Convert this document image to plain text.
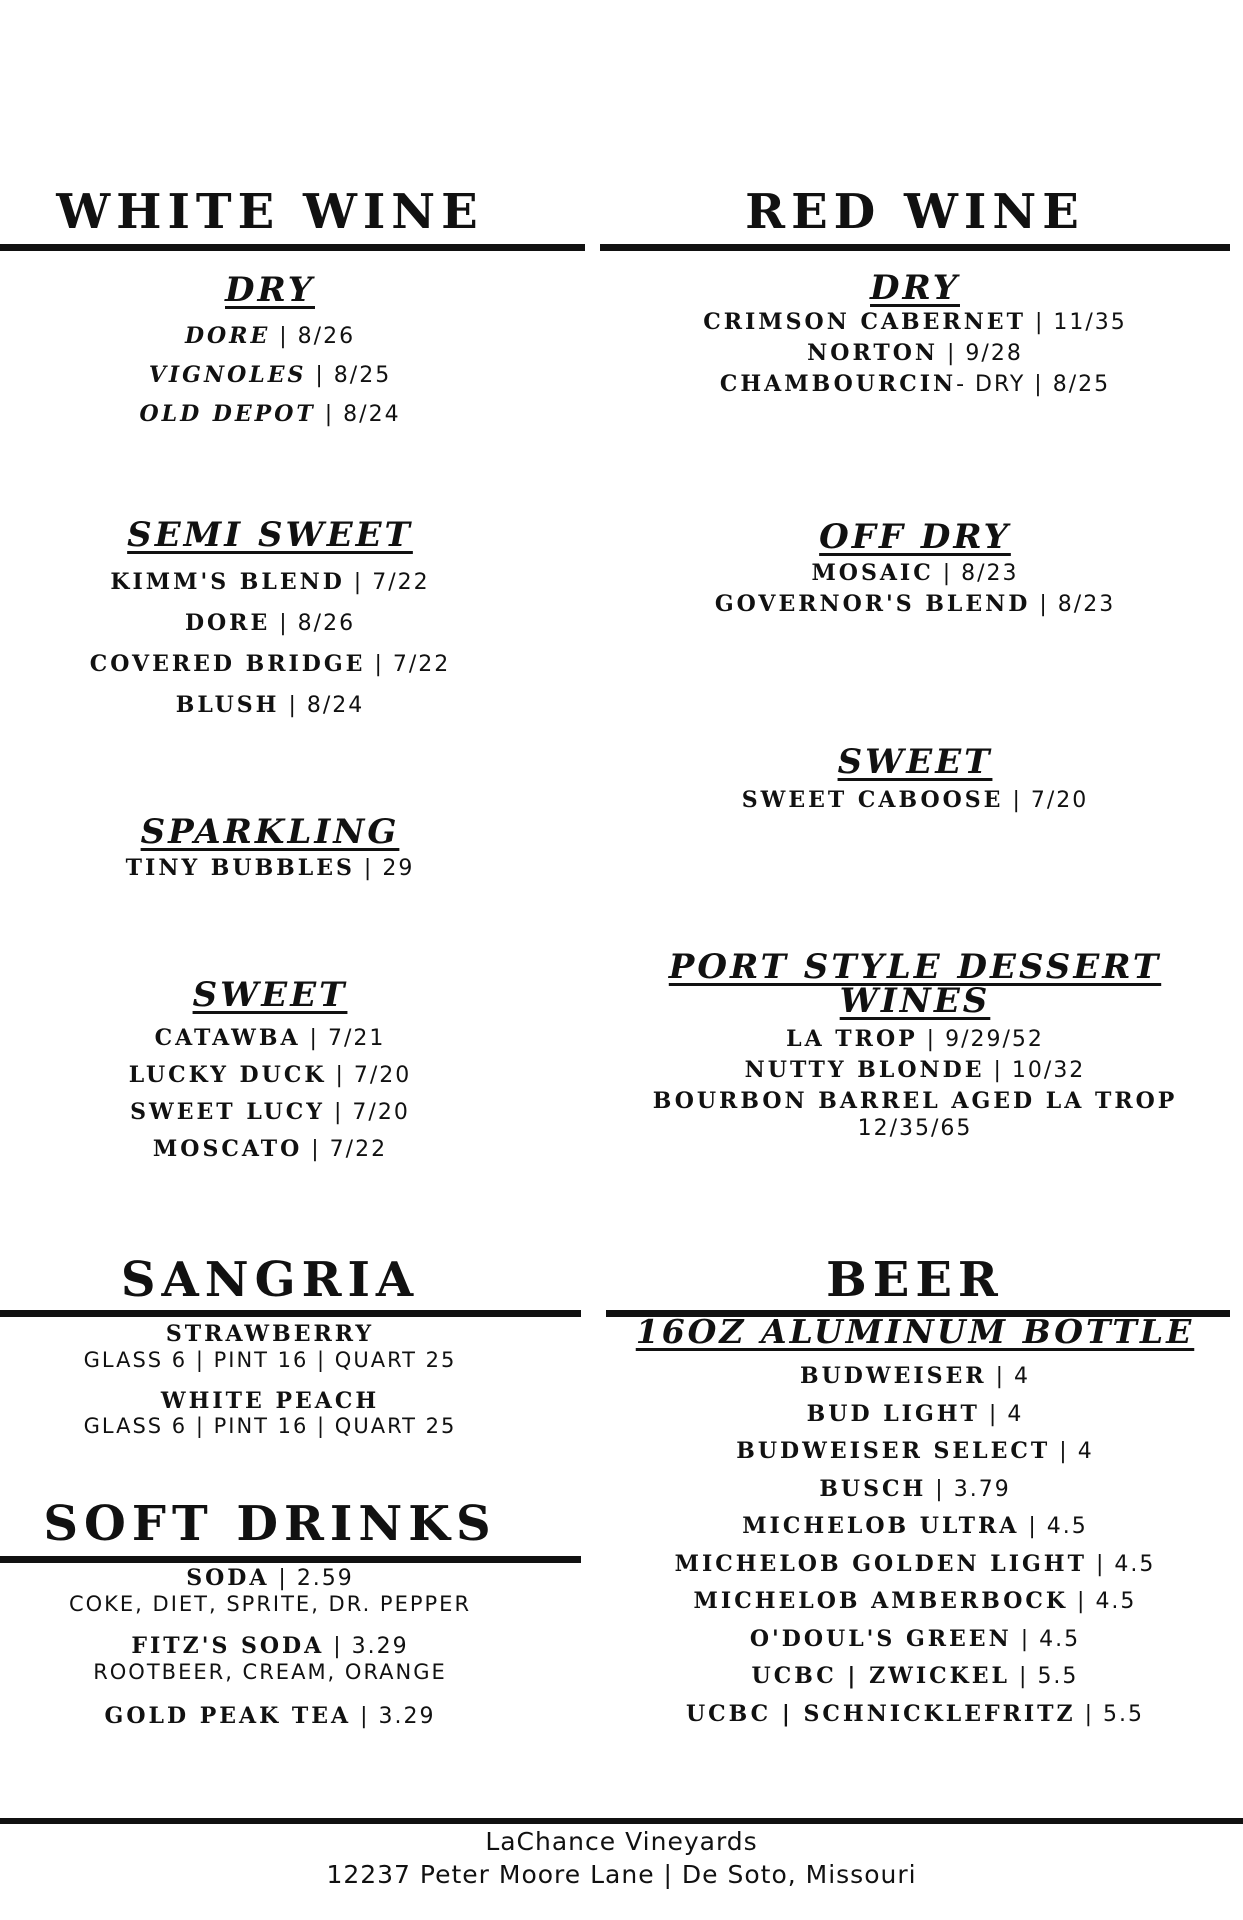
WHITE WINE
DRY
DORE | 8/26
VIGNOLES | 8/25
OLD DEPOT | 8/24
SEMI SWEET
KIMM'S BLEND | 7/22
DORE | 8/26
COVERED BRIDGE | 7/22
BLUSH | 8/24
SPARKLING
TINY BUBBLES | 29
SWEET
CATAWBA | 7/21
LUCKY DUCK | 7/20
SWEET LUCY | 7/20
MOSCATO | 7/22
RED WINE
DRY
CRIMSON CABERNET | 11/35
NORTON | 9/28
CHAMBOURCIN- DRY | 8/25
OFF DRY
MOSAIC | 8/23
GOVERNOR'S BLEND | 8/23
SWEET
SWEET CABOOSE | 7/20
PORT STYLE DESSERT
WINES
LA TROP | 9/29/52
NUTTY BLONDE | 10/32
BOURBON BARREL AGED LA TROP
12/35/65
SANGRIA
STRAWBERRY
GLASS 6 | PINT 16 | QUART 25
WHITE PEACH
GLASS 6 | PINT 16 | QUART 25
SOFT DRINKS
SODA | 2.59
COKE, DIET, SPRITE, DR. PEPPER
FITZ'S SODA | 3.29
ROOTBEER, CREAM, ORANGE
GOLD PEAK TEA | 3.29
BEER
16OZ ALUMINUM BOTTLE
BUDWEISER | 4
BUD LIGHT | 4
BUDWEISER SELECT | 4
BUSCH | 3.79
MICHELOB ULTRA | 4.5
MICHELOB GOLDEN LIGHT | 4.5
MICHELOB AMBERBOCK | 4.5
O'DOUL'S GREEN | 4.5
UCBC | ZWICKEL | 5.5
UCBC | SCHNICKLEFRITZ | 5.5
LaChance Vineyards
12237 Peter Moore Lane | De Soto, Missouri
